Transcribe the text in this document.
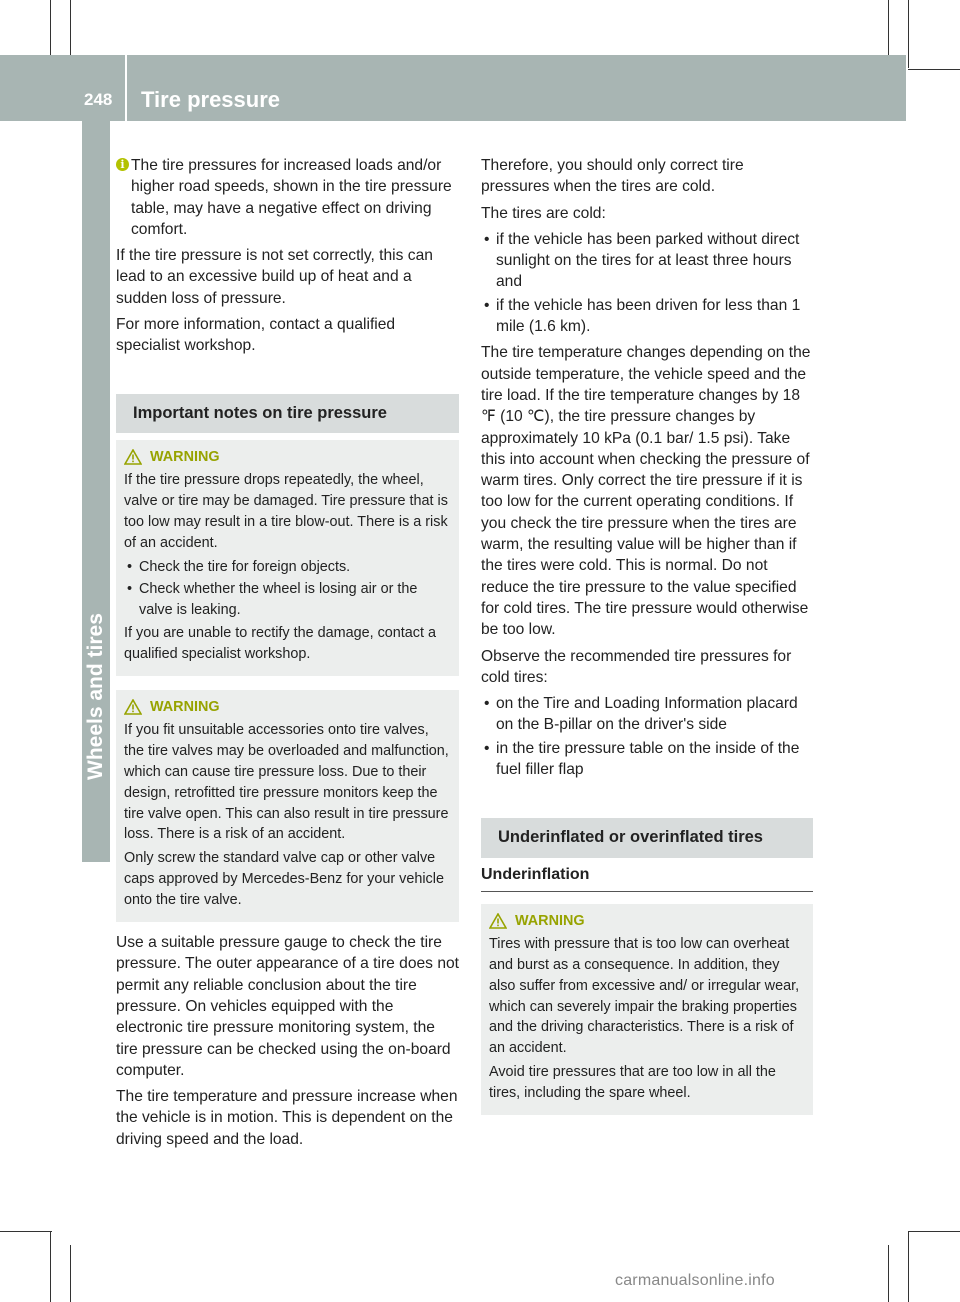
248 Tire pressure
Wheels and tires

i The tire pressures for increased loads and/or higher road speeds, shown in the tire pressure table, may have a negative effect on driving comfort.

If the tire pressure is not set correctly, this can lead to an excessive build up of heat and a sudden loss of pressure.

For more information, contact a qualified specialist workshop.

Important notes on tire pressure
WARNING

If the tire pressure drops repeatedly, the wheel, valve or tire may be damaged. Tire pressure that is too low may result in a tire blow-out. There is a risk of an accident.

• Check the tire for foreign objects.
• Check whether the wheel is losing air or the valve is leaking.

If you are unable to rectify the damage, contact a qualified specialist workshop.

WARNING

If you fit unsuitable accessories onto tire valves, the tire valves may be overloaded and malfunction, which can cause tire pressure loss. Due to their design, retrofitted tire pressure monitors keep the tire valve open. This can also result in tire pressure loss. There is a risk of an accident.

Only screw the standard valve cap or other valve caps approved by Mercedes-Benz for your vehicle onto the tire valve.

Use a suitable pressure gauge to check the tire pressure. The outer appearance of a tire does not permit any reliable conclusion about the tire pressure. On vehicles equipped with the electronic tire pressure monitoring system, the tire pressure can be checked using the on-board computer.

The tire temperature and pressure increase when the vehicle is in motion. This is dependent on the driving speed and the load.

Therefore, you should only correct tire pressures when the tires are cold.

The tires are cold:

• if the vehicle has been parked without direct sunlight on the tires for at least three hours and
• if the vehicle has been driven for less than 1 mile (1.6 km).

The tire temperature changes depending on the outside temperature, the vehicle speed and the tire load. If the tire temperature changes by 18 ℉ (10 ℃), the tire pressure changes by approximately 10 kPa (0.1 bar/ 1.5 psi). Take this into account when checking the pressure of warm tires. Only correct the tire pressure if it is too low for the current operating conditions. If you check the tire pressure when the tires are warm, the resulting value will be higher than if the tires were cold. This is normal. Do not reduce the tire pressure to the value specified for cold tires. The tire pressure would otherwise be too low.

Observe the recommended tire pressures for cold tires:

• on the Tire and Loading Information placard on the B-pillar on the driver's side
• in the tire pressure table on the inside of the fuel filler flap
Underinflated or overinflated tires
Underinflation
WARNING

Tires with pressure that is too low can overheat and burst as a consequence. In addition, they also suffer from excessive and/ or irregular wear, which can severely impair the braking properties and the driving characteristics. There is a risk of an accident.

Avoid tire pressures that are too low in all the tires, including the spare wheel.

carmanualsonline.info
